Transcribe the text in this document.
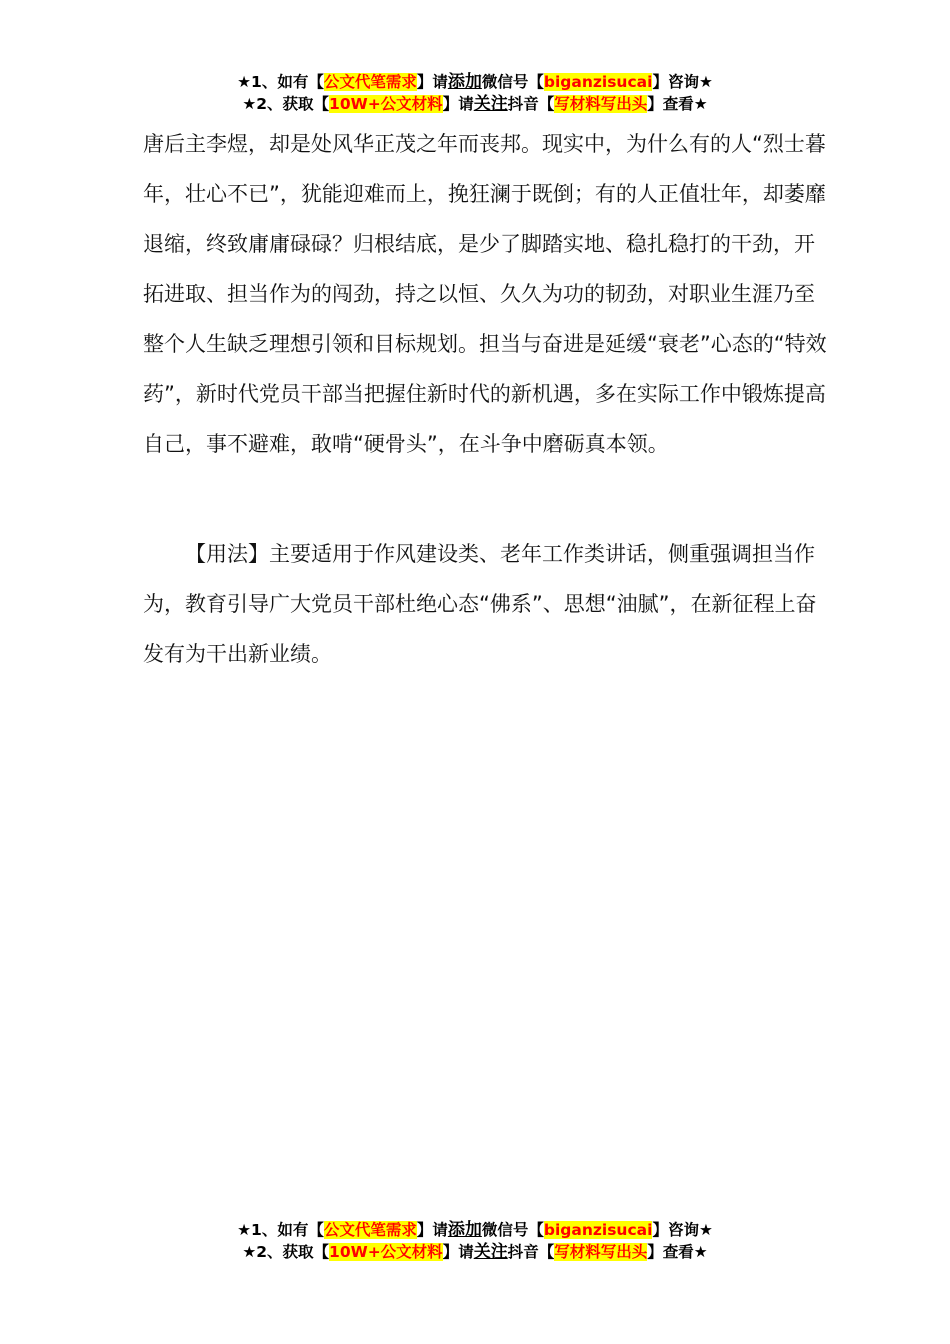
★1、如有【公文代笔需求】请添加微信号【biganzisucai】咨询★
★2、获取【10W+公文材料】请关注抖音【写材料写出头】查看★

唐后主李煜，却是处风华正茂之年而丧邦。现实中，为什么有的人“烈士暮年，壮心不已”，犹能迎难而上，挽狂澜于既倒；有的人正值壮年，却萎靡退缩，终致庸庸碌碌？归根结底，是少了脚踏实地、稳扎稳打的干劲，开拓进取、担当作为的闯劲，持之以恒、久久为功的韧劲，对职业生涯乃至整个人生缺乏理想引领和目标规划。担当与奋进是延缓“衰老”心态的“特效药”，新时代党员干部当把握住新时代的新机遇，多在实际工作中锻炼提高自己，事不避难，敢啃“硬骨头”，在斗争中磨砺真本领。

【用法】主要适用于作风建设类、老年工作类讲话，侧重强调担当作为，教育引导广大党员干部杜绝心态“佛系”、思想“油腻”，在新征程上奋发有为干出新业绩。

★1、如有【公文代笔需求】请添加微信号【biganzisucai】咨询★
★2、获取【10W+公文材料】请关注抖音【写材料写出头】查看★
